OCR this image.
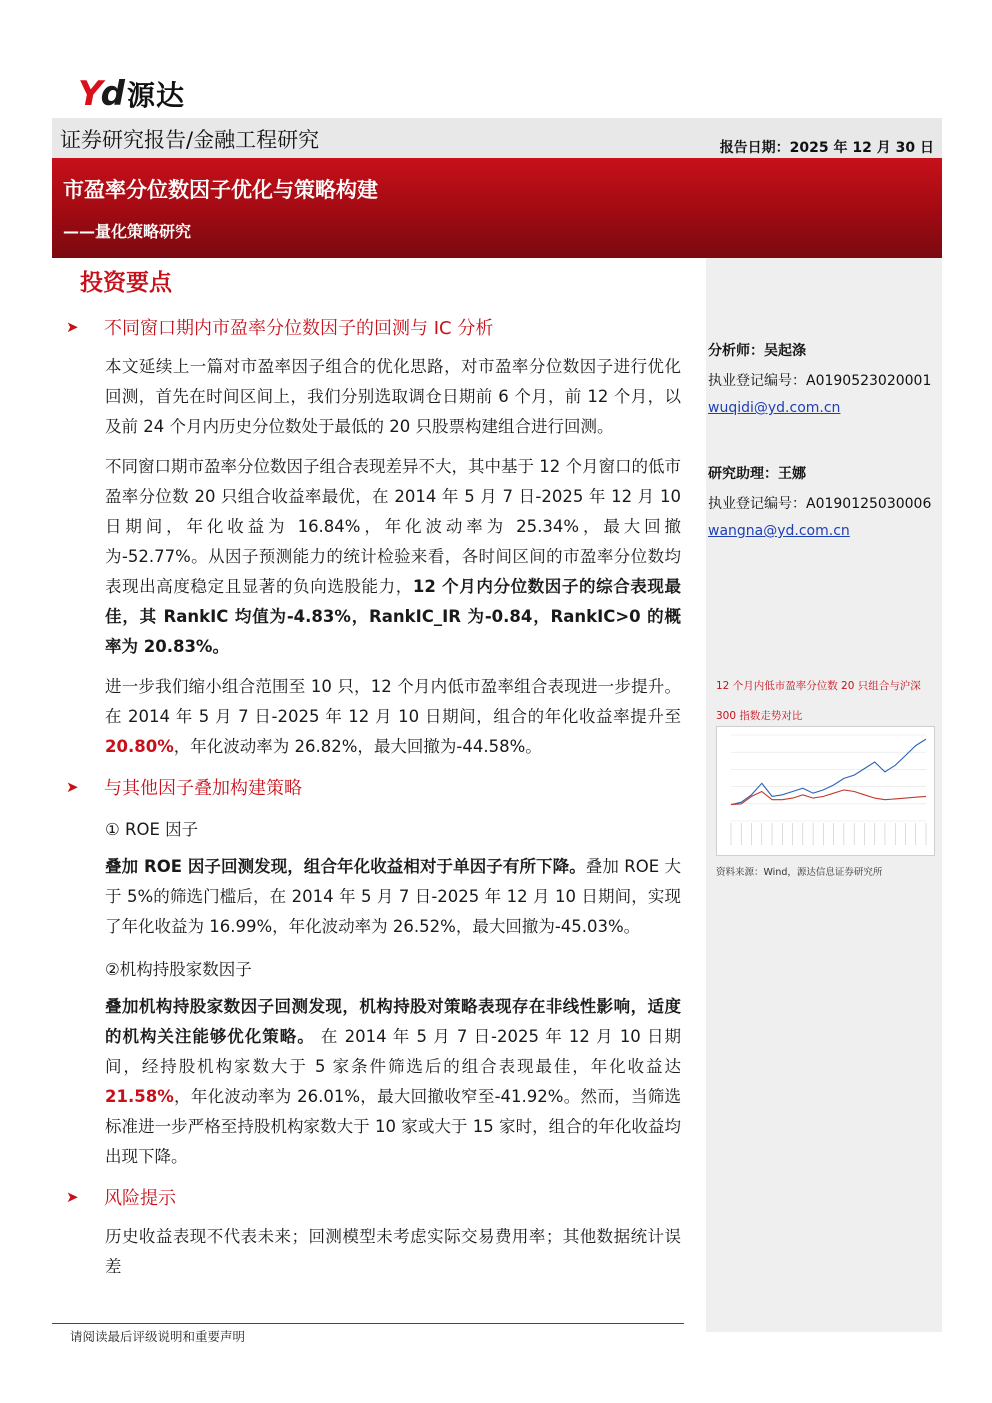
Yd 源达
证券研究报告/金融工程研究	报告日期：2025 年 12 月 30 日
市盈率分位数因子优化与策略构建
——量化策略研究
分析师：吴起涤
执业登记编号：A0190523020001
wuqidi@yd.com.cn
研究助理：王娜
执业登记编号：A0190125030006
wangna@yd.com.cn
12 个月内低市盈率分位数 20 只组合与沪深
300 指数走势对比
资料来源：Wind，源达信息证券研究所
投资要点
➤	不同窗口期内市盈率分位数因子的回测与 IC 分析
本文延续上一篇对市盈率因子组合的优化思路，对市盈率分位数因子进行优化回测，首先在时间区间上，我们分别选取调仓日期前 6 个月，前 12 个月，以及前 24 个月内历史分位数处于最低的 20 只股票构建组合进行回测。
不同窗口期市盈率分位数因子组合表现差异不大，其中基于 12 个月窗口的低市盈率分位数 20 只组合收益率最优，在 2014 年 5 月 7 日-2025 年 12 月 10 日期间，年化收益为 16.84%，年化波动率为 25.34%，最大回撤为-52.77%。从因子预测能力的统计检验来看，各时间区间的市盈率分位数均表现出高度稳定且显著的负向选股能力，12 个月内分位数因子的综合表现最佳，其 RankIC 均值为-4.83%，RankIC_IR 为-0.84，RankIC>0 的概率为 20.83%。
进一步我们缩小组合范围至 10 只，12 个月内低市盈率组合表现进一步提升。在 2014 年 5 月 7 日-2025 年 12 月 10 日期间，组合的年化收益率提升至 20.80%，年化波动率为 26.82%，最大回撤为-44.58%。
➤	与其他因子叠加构建策略
① ROE 因子
叠加 ROE 因子回测发现，组合年化收益相对于单因子有所下降。叠加 ROE 大于 5%的筛选门槛后，在 2014 年 5 月 7 日-2025 年 12 月 10 日期间，实现了年化收益为 16.99%，年化波动率为 26.52%，最大回撤为-45.03%。
②机构持股家数因子
叠加机构持股家数因子回测发现，机构持股对策略表现存在非线性影响，适度的机构关注能够优化策略。 在 2014 年 5 月 7 日-2025 年 12 月 10 日期间，经持股机构家数大于 5 家条件筛选后的组合表现最佳，年化收益达 21.58%，年化波动率为 26.01%，最大回撤收窄至-41.92%。然而，当筛选标准进一步严格至持股机构家数大于 10 家或大于 15 家时，组合的年化收益均出现下降。
➤	风险提示
历史收益表现不代表未来；回测模型未考虑实际交易费用率；其他数据统计误差
请阅读最后评级说明和重要声明
